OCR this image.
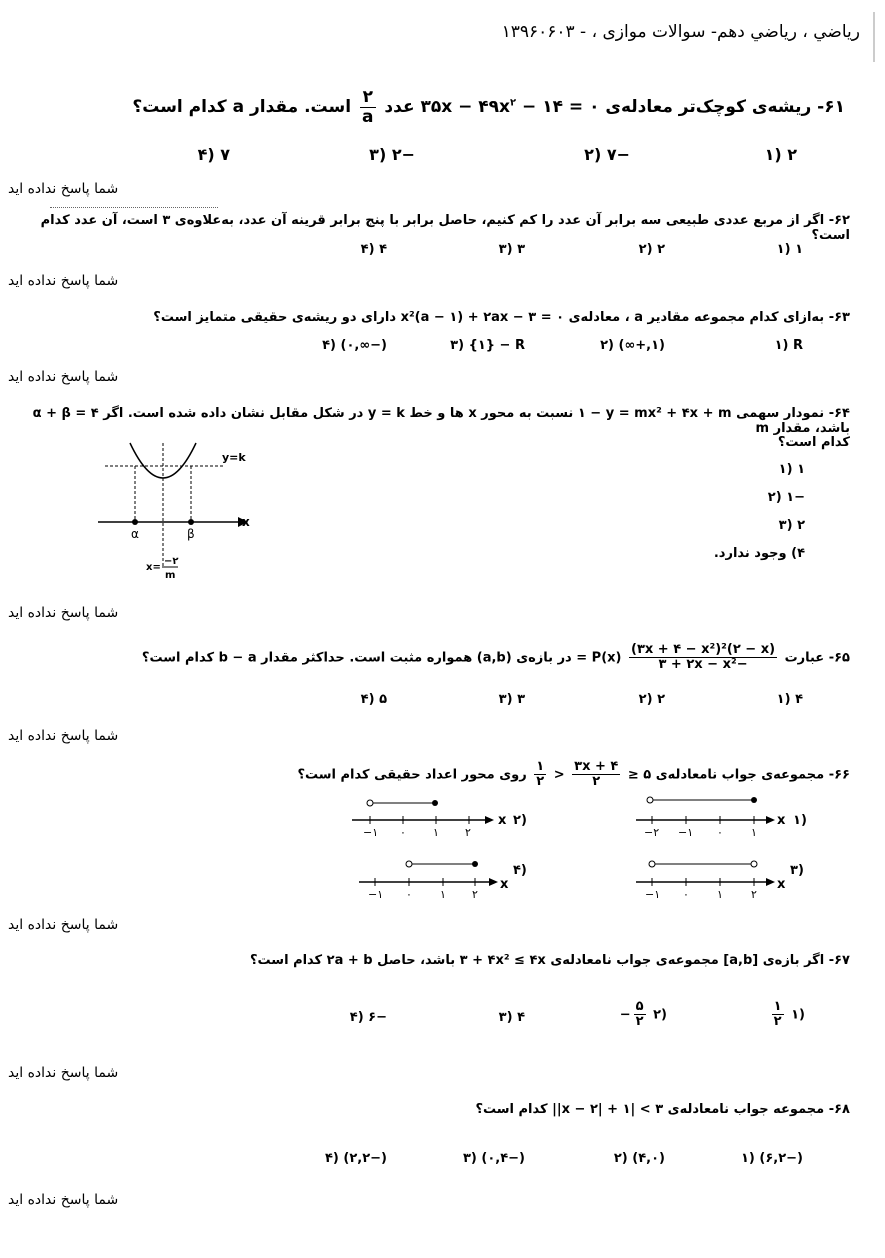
رياضي ، رياضي دهم- سوالات موازی ، - ١٣٩۶٠۶٠٣
۶١- ریشه‌ی کوچک‌تر معادله‌ی ٠ = ١۴ − ٣۵x − $۴٩x^٢$ عدد
$\frac{٢}{a}$
است. مقدار a کدام است؟
٢ (١
−٧ (٢
−٢ (٣
٧ (۴
شما پاسخ نداده اید
۶٢- اگر از مربع عددی طبیعی سه برابر آن عدد را کم کنیم، حاصل برابر با پنج برابر قرینه آن عدد، به‌علاوه‌ی ٣ است، آن عدد کدام است؟
١ (١
٢ (٢
٣ (٣
۴ (۴
شما پاسخ نداده اید
۶٣- به‌ازای کدام مجموعه مقادیر a ، معادله‌ی ٠ = ٣ − ٢ax + (١ − a)x² دارای دو ریشه‌ی حقیقی متمایز است؟
R (١
(١,+∞) (٢
R − {١} (٣
(−∞,٠) (۴
شما پاسخ نداده اید
۶۴- نمودار سهمی y = mx² + ۴x + m − ١ نسبت به محور x ها و خط y = k در شکل مقابل نشان داده شده است. اگر α + β = ۴ باشد، مقدار m
کدام است؟
١ (١
−١ (٢
٢ (٣
۴) وجود ندارد.
x
y=k
α	β
x=
−٢
m
شما پاسخ نداده اید
۶۵- عبارت
$\frac{\text{(x − ٢)²(x² − ٣x + ۴)}}{\text{−x² − ٢x + ٣}}$
P(x) = در بازه‌ی (a,b) همواره مثبت است. حداکثر مقدار b − a کدام است؟
۴ (١
٢ (٢
٣ (٣
۵ (۴
شما پاسخ نداده اید
۶۶- مجموعه‌ی جواب نامعادله‌ی ۵ ≤
$\frac{٣x + ۴}{٢}$
<
$\frac{١}{٢}$
روی محور اعداد حقیقی کدام است؟
x ١)
−٢ −١ ٠	١
x ٢)
−١ ٠ ١ ٢
x
٣)
−١ ٠	١	٢
x
۴)
−١ ٠	١ ٢
شما پاسخ نداده اید
۶٧- اگر بازه‌ی [a,b] مجموعه‌ی جواب نامعادله‌ی ۴x² ≤ ۴x + ٣ باشد، حاصل ٢a + b کدام است؟
(١
$\frac{١}{٢}$
(٢
$\frac{۵}{٢}$
−
۴ (٣
−۶ (۴
شما پاسخ نداده اید
۶٨- مجموعه جواب نامعادله‌ی ٣ > |١ + |٢ − x|| کدام است؟
(−٢,۶) (١
(٠,۴) (٢
(−۴,٠) (٣
(−٢,٢) (۴
شما پاسخ نداده اید
